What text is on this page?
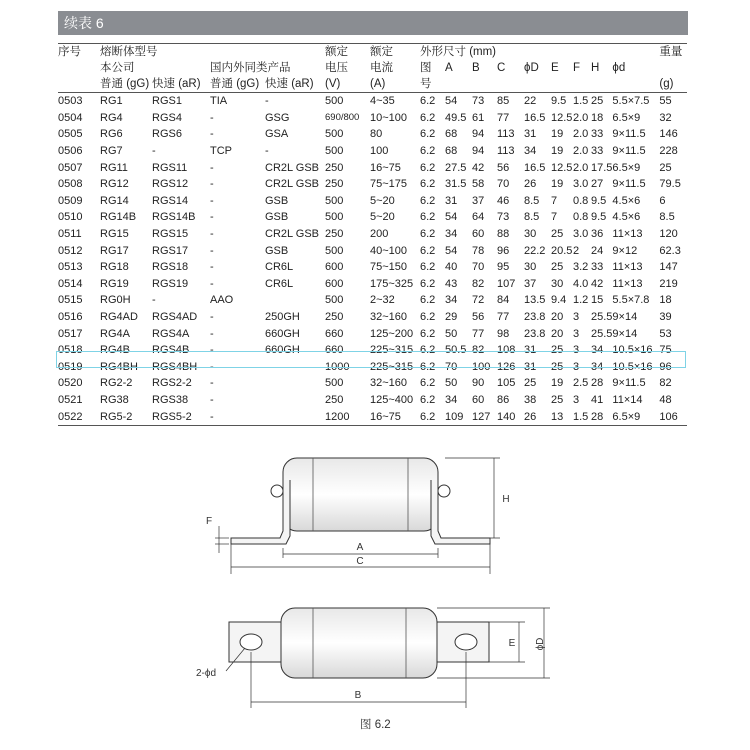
续表 6
序号	熔断体型号				额定	额定	外形尺寸 (mm)									重量
	本公司		国内外同类产品		电压	电流	图	A	B	C	ϕD	E	F	H	ϕd	
	普通 (gG)	快速 (aR)	普通 (gG)	快速 (aR)	(V)	(A)	号									(g)
0503	RG1	RGS1	TIA	-	500	4~35	6.2	54	73	85	22	9.5	1.5	25	5.5×7.5	55
0504	RG4	RGS4	-	GSG	690/800	10~100	6.2	49.5	61	77	16.5	12.5	2.0	18	6.5×9	32
0505	RG6	RGS6	-	GSA	500	80	6.2	68	94	113	31	19	2.0	33	9×11.5	146
0506	RG7	-	TCP	-	500	100	6.2	68	94	113	34	19	2.0	33	9×11.5	228
0507	RG11	RGS11	-	CR2L GSB	250	16~75	6.2	27.5	42	56	16.5	12.5	2.0	17.5	6.5×9	25
0508	RG12	RGS12	-	CR2L GSB	250	75~175	6.2	31.5	58	70	26	19	3.0	27	9×11.5	79.5
0509	RG14	RGS14	-	GSB	500	5~20	6.2	31	37	46	8.5	7	0.8	9.5	4.5×6	6
0510	RG14B	RGS14B	-	GSB	500	5~20	6.2	54	64	73	8.5	7	0.8	9.5	4.5×6	8.5
0511	RG15	RGS15	-	CR2L GSB	250	200	6.2	34	60	88	30	25	3.0	36	11×13	120
0512	RG17	RGS17	-	GSB	500	40~100	6.2	54	78	96	22.2	20.5	2	24	9×12	62.3
0513	RG18	RGS18	-	CR6L	600	75~150	6.2	40	70	95	30	25	3.2	33	11×13	147
0514	RG19	RGS19	-	CR6L	600	175~325	6.2	43	82	107	37	30	4.0	42	11×13	219
0515	RG0H	-	AAO		500	2~32	6.2	34	72	84	13.5	9.4	1.2	15	5.5×7.8	18
0516	RG4AD	RGS4AD	-	250GH	250	32~160	6.2	29	56	77	23.8	20	3	25.5	9×14	39
0517	RG4A	RGS4A	-	660GH	660	125~200	6.2	50	77	98	23.8	20	3	25.5	9×14	53
0518	RG4B	RGS4B	-	660GH	660	225~315	6.2	50.5	82	108	31	25	3	34	10.5×16	75
0519	RG4BH	RGS4BH	-		1000	225~315	6.2	70	100	126	31	25	3	34	10.5×16	96
0520	RG2-2	RGS2-2	-		500	32~160	6.2	50	90	105	25	19	2.5	28	9×11.5	82
0521	RG38	RGS38	-		250	125~400	6.2	34	60	86	38	25	3	41	11×14	48
0522	RG5-2	RGS5-2	-		1200	16~75	6.2	109	127	140	26	13	1.5	28	6.5×9	106
A
C
H
F
2-ϕd
E ϕD
B
图 6.2
